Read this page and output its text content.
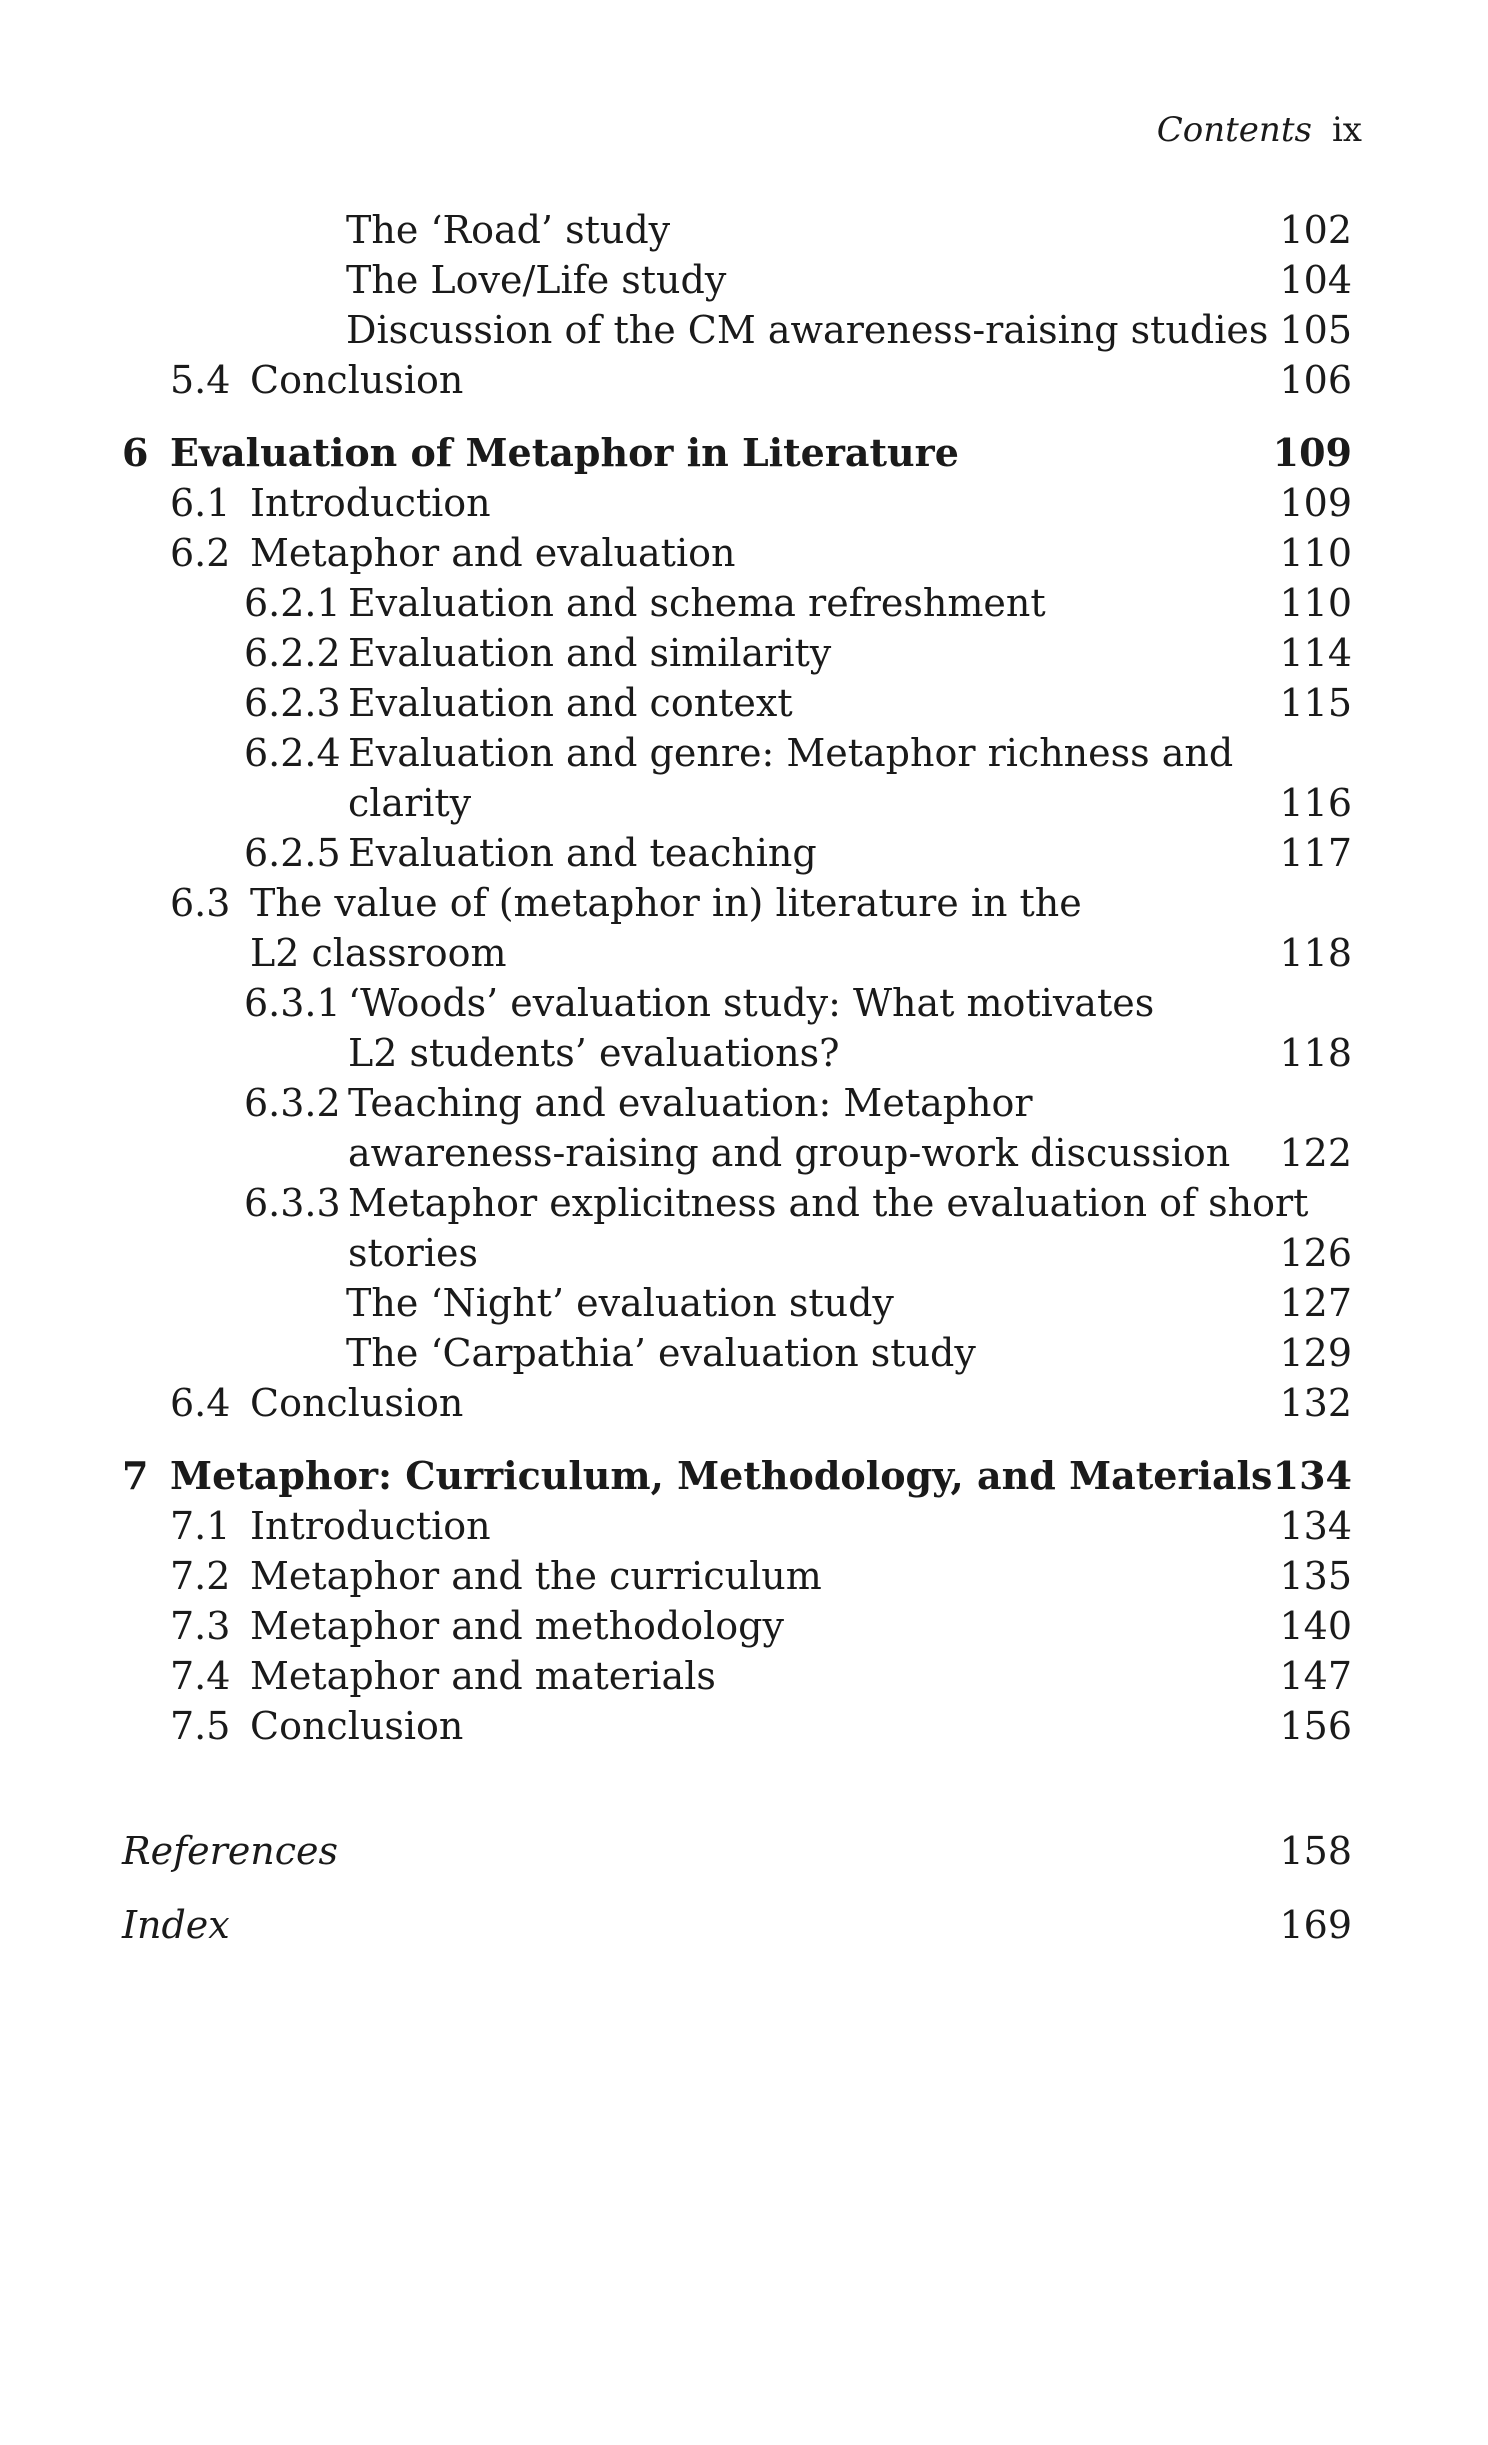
Contents ix
The ‘Road’ study	102
The Love/Life study	104
Discussion of the CM awareness-raising studies 105
5.4 Conclusion	106
6 Evaluation of Metaphor in Literature	109
6.1 Introduction	109
6.2 Metaphor and evaluation	110
6.2.1 Evaluation and schema refreshment	110
6.2.2 Evaluation and similarity	114
6.2.3 Evaluation and context	115
6.2.4 Evaluation and genre: Metaphor richness and
clarity	116
6.2.5 Evaluation and teaching	117
6.3 The value of (metaphor in) literature in the
L2 classroom	118
6.3.1 ‘Woods’ evaluation study: What motivates
L2 students’ evaluations?	118
6.3.2 Teaching and evaluation: Metaphor
awareness-raising and group-work discussion 122
6.3.3 Metaphor explicitness and the evaluation of short
stories	126
The ‘Night’ evaluation study	127
The ‘Carpathia’ evaluation study	129
6.4 Conclusion	132
7 Metaphor: Curriculum, Methodology, and Materials 134
7.1 Introduction	134
7.2 Metaphor and the curriculum	135
7.3 Metaphor and methodology	140
7.4 Metaphor and materials	147
7.5 Conclusion	156
References	158
Index	169
